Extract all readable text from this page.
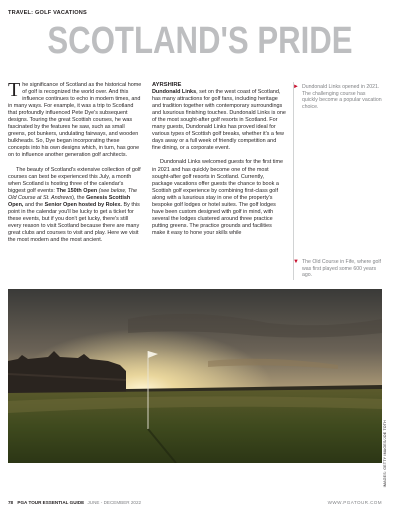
TRAVEL: GOLF VACATIONS
SCOTLAND'S PRIDE

The significance of Scotland as the historical home of golf is recognized the world over. And this influence continues to echo in modern times, and in many ways. For example, it was a trip to Scotland that profoundly influenced Pete Dye's subsequent designs. Touring the great Scottish courses, he was fascinated by the features he saw, such as small greens, pot bunkers, undulating fairways, and wooden bulkheads. So, Dye began incorporating these concepts into his own designs which, in turn, has gone on to influence another generation golf architects.

The beauty of Scotland's extensive collection of golf courses can best be experienced this July, a month when Scotland is hosting three of the calendar's biggest golf events: The 150th Open (see below, The Old Course at St. Andrews), the Genesis Scottish Open, and the Senior Open hosted by Rolex. By this point in the calendar you'll be lucky to get a ticket for these events, but if you don't get lucky, there's still every reason to visit Scotland because there are many great clubs and courses to visit and play. Here we visit the most modern and the most ancient.

AYRSHIRE

Dundonald Links, set on the west coast of Scotland, has many attractions for golf fans, including heritage and tradition together with contemporary surroundings and luxurious finishing touches. Dundonald Links is one of the most sought-after golf resorts in Scotland. For many guests, Dundonald Links has proved ideal for various types of Scottish golf breaks, whether it's a few days away or a full week of friendly competition and fine dining, or a corporate event.

Dundonald Links welcomed guests for the first time in 2021 and has quickly become one of the most sought-after golf resorts in Scotland. Currently, package vacations offer guests the chance to book a Scottish golf experience by combining first-class golf along with a luxurious stay in one of the property's bespoke golf lodges or hotel suites. The golf lodges have been custom designed with golf in mind, with several the lodges clustered around three practice putting greens. The practice grounds and facilities make it easy to hone your skills while

► Dundonald Links opened in 2021. The challenging course has quickly become a popular vacation choice.
▼ The Old Course in Fife, where golf was first played some 600 years ago.
IMAGES: GETTY IMAGES/JOE TOTH
78 PGA TOUR ESSENTIAL GUIDE JUNE - DECEMBER 2022	WWW.PGATOUR.COM
